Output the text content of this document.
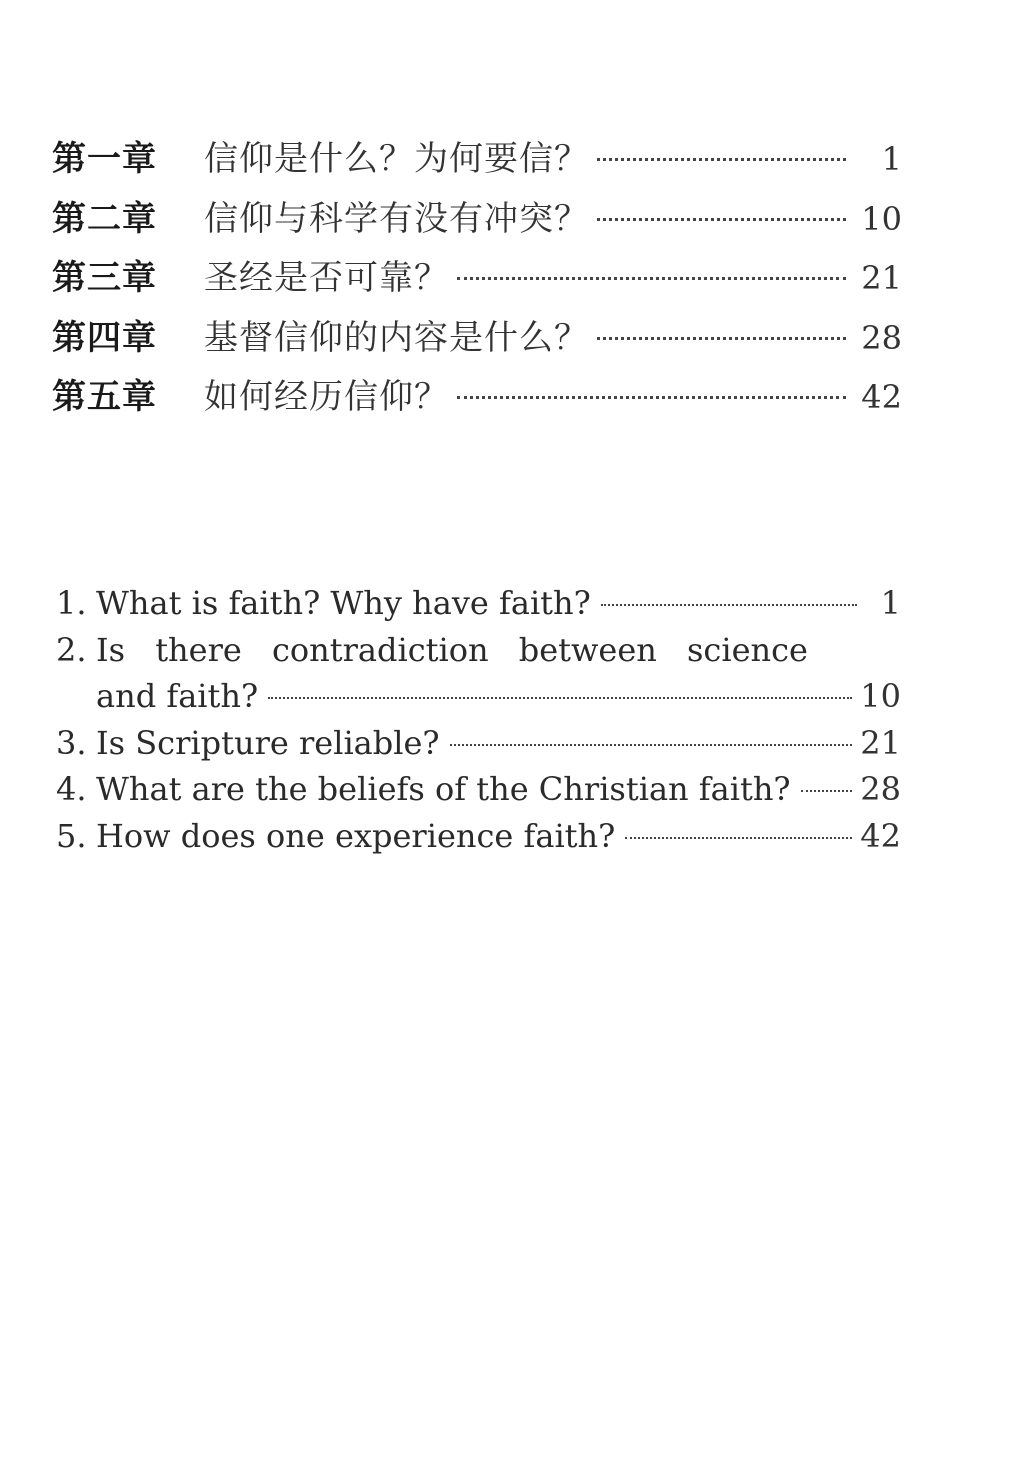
第一章	信仰是什么？为何要信？	1
第二章	信仰与科学有没有冲突？	10
第三章	圣经是否可靠？	21
第四章	基督信仰的内容是什么？	28
第五章	如何经历信仰？	42
1. What is faith? Why have faith?	1
2. Is there contradiction between science
and faith?	10
3. Is Scripture reliable?	21
4. What are the beliefs of the Christian faith? 28
5. How does one experience faith?	42
